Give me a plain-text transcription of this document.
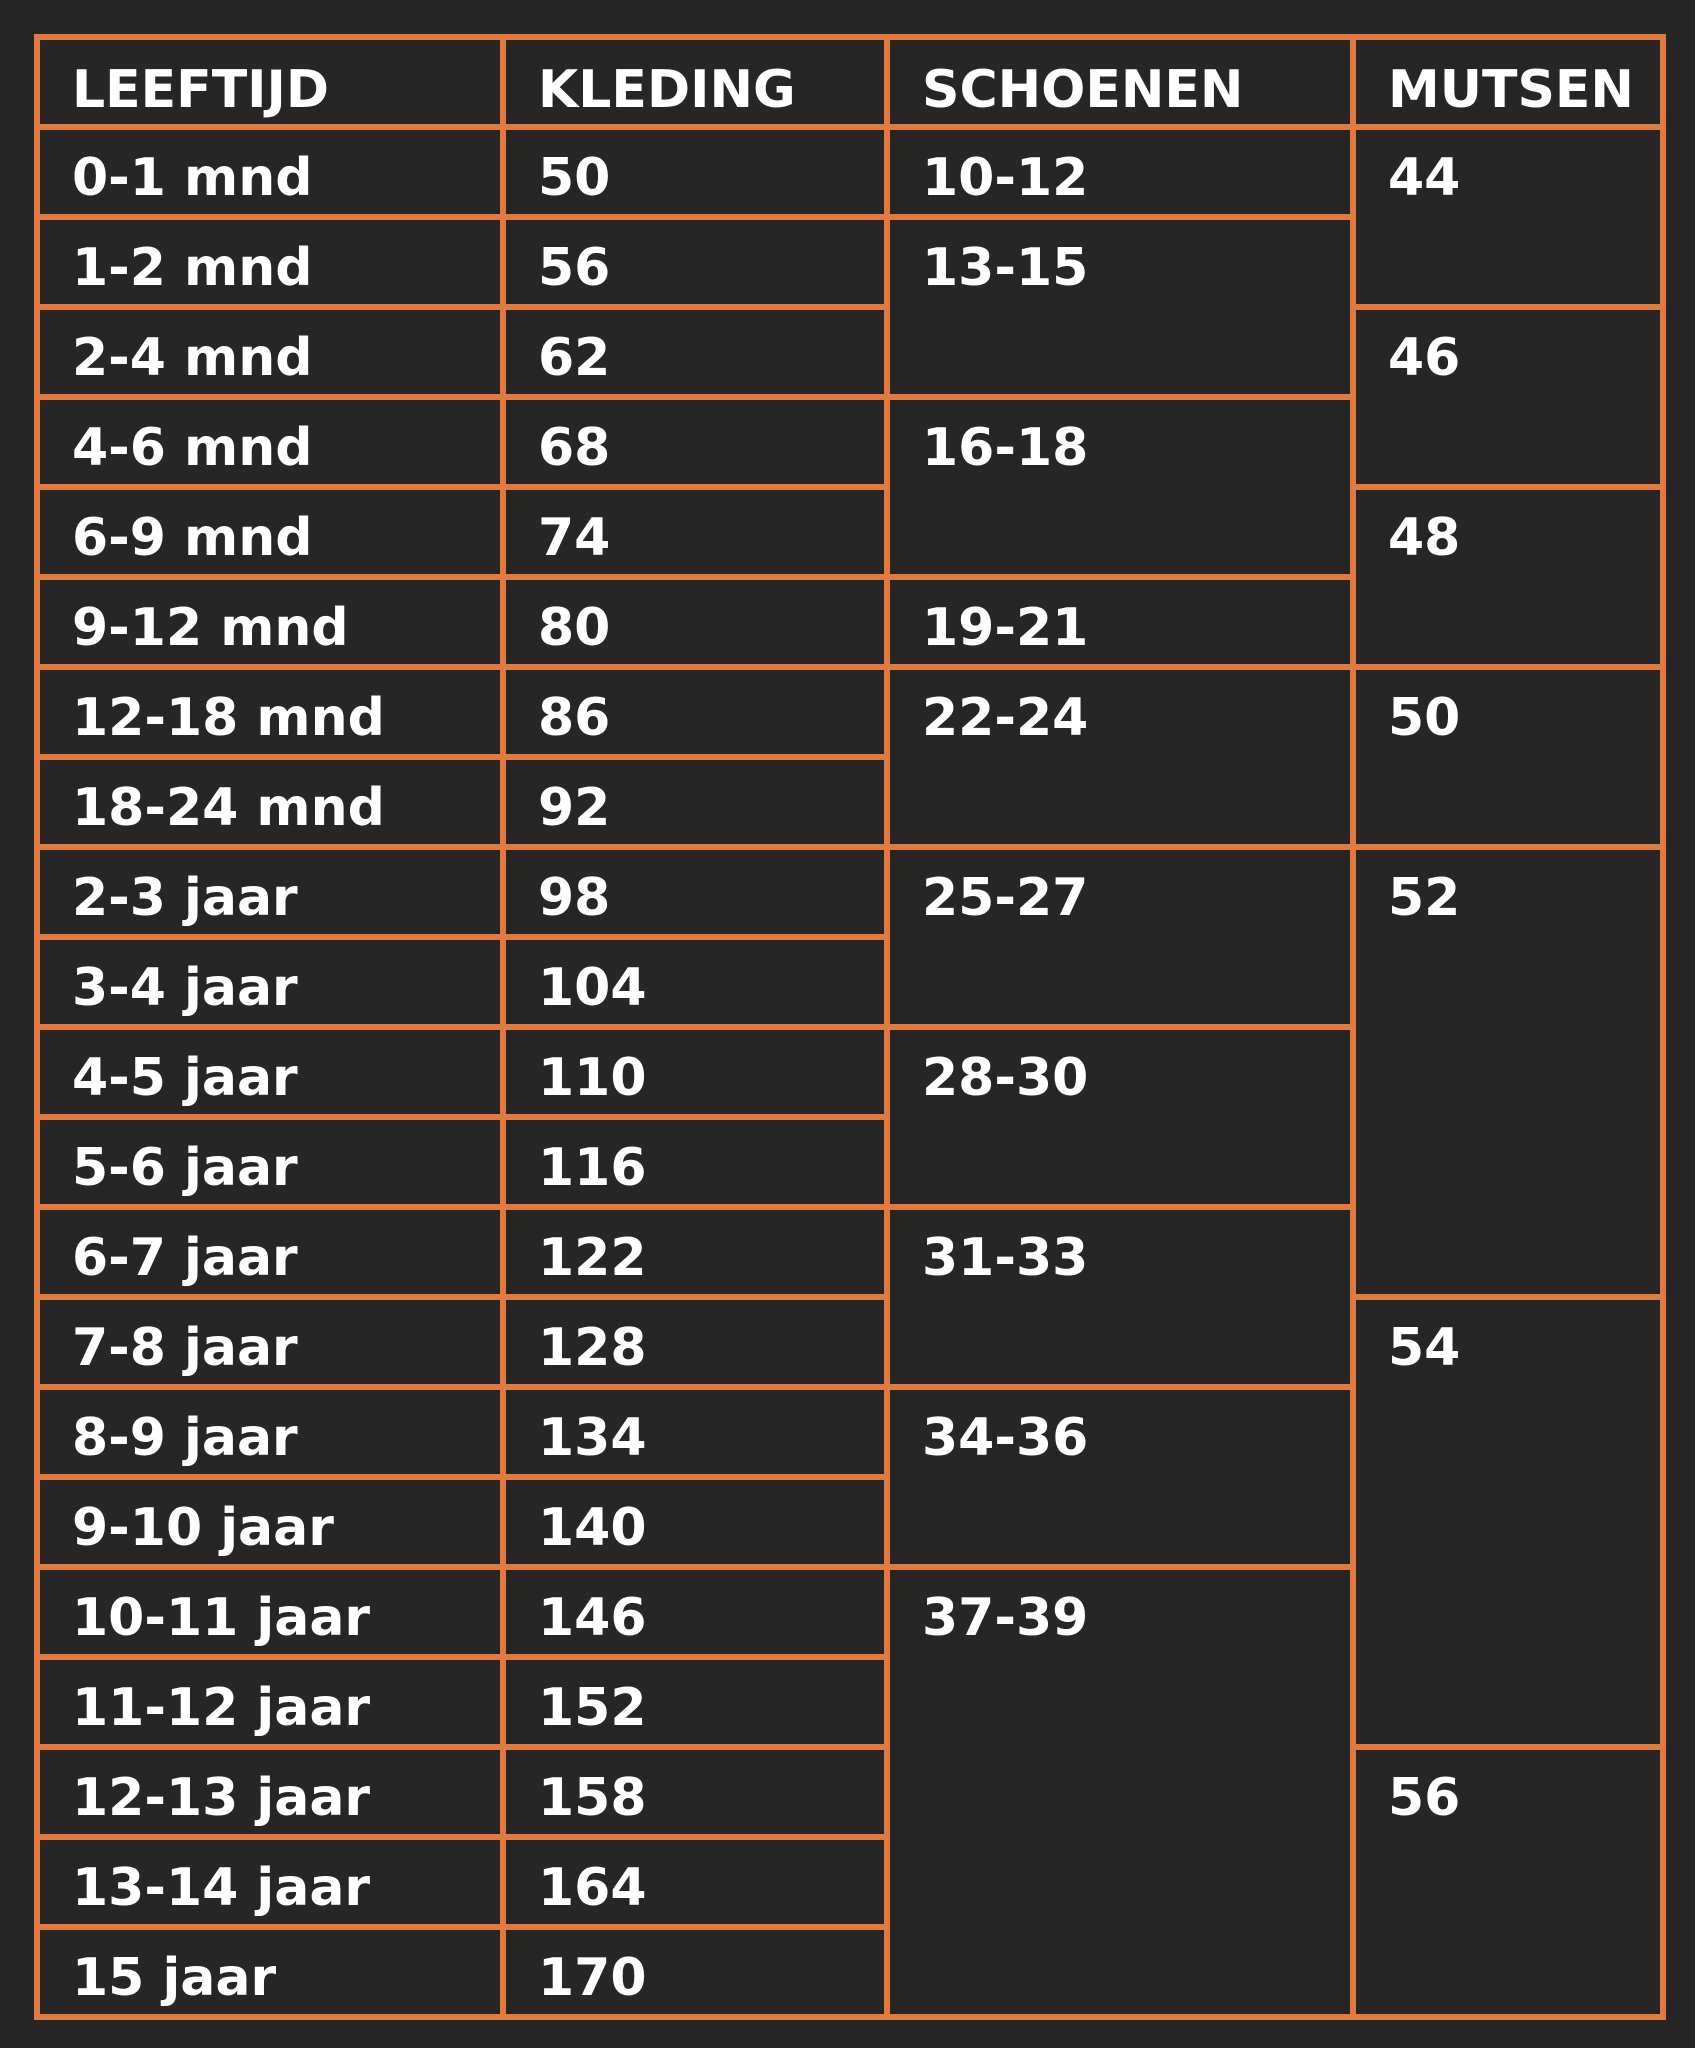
LEEFTIJD	KLEDING	SCHOENEN	MUTSEN
0-1 mnd	50	10-12	44
1-2 mnd	56	13-15	
2-4 mnd	62		46
4-6 mnd	68	16-18	
6-9 mnd	74		48
9-12 mnd	80	19-21	
12-18 mnd	86	22-24	50
18-24 mnd	92		
2-3 jaar	98	25-27	52
3-4 jaar	104		
4-5 jaar	110	28-30	
5-6 jaar	116		
6-7 jaar	122	31-33	
7-8 jaar	128		54
8-9 jaar	134	34-36	
9-10 jaar	140		
10-11 jaar	146	37-39	
11-12 jaar	152		
12-13 jaar	158		56
13-14 jaar	164		
15 jaar	170		
